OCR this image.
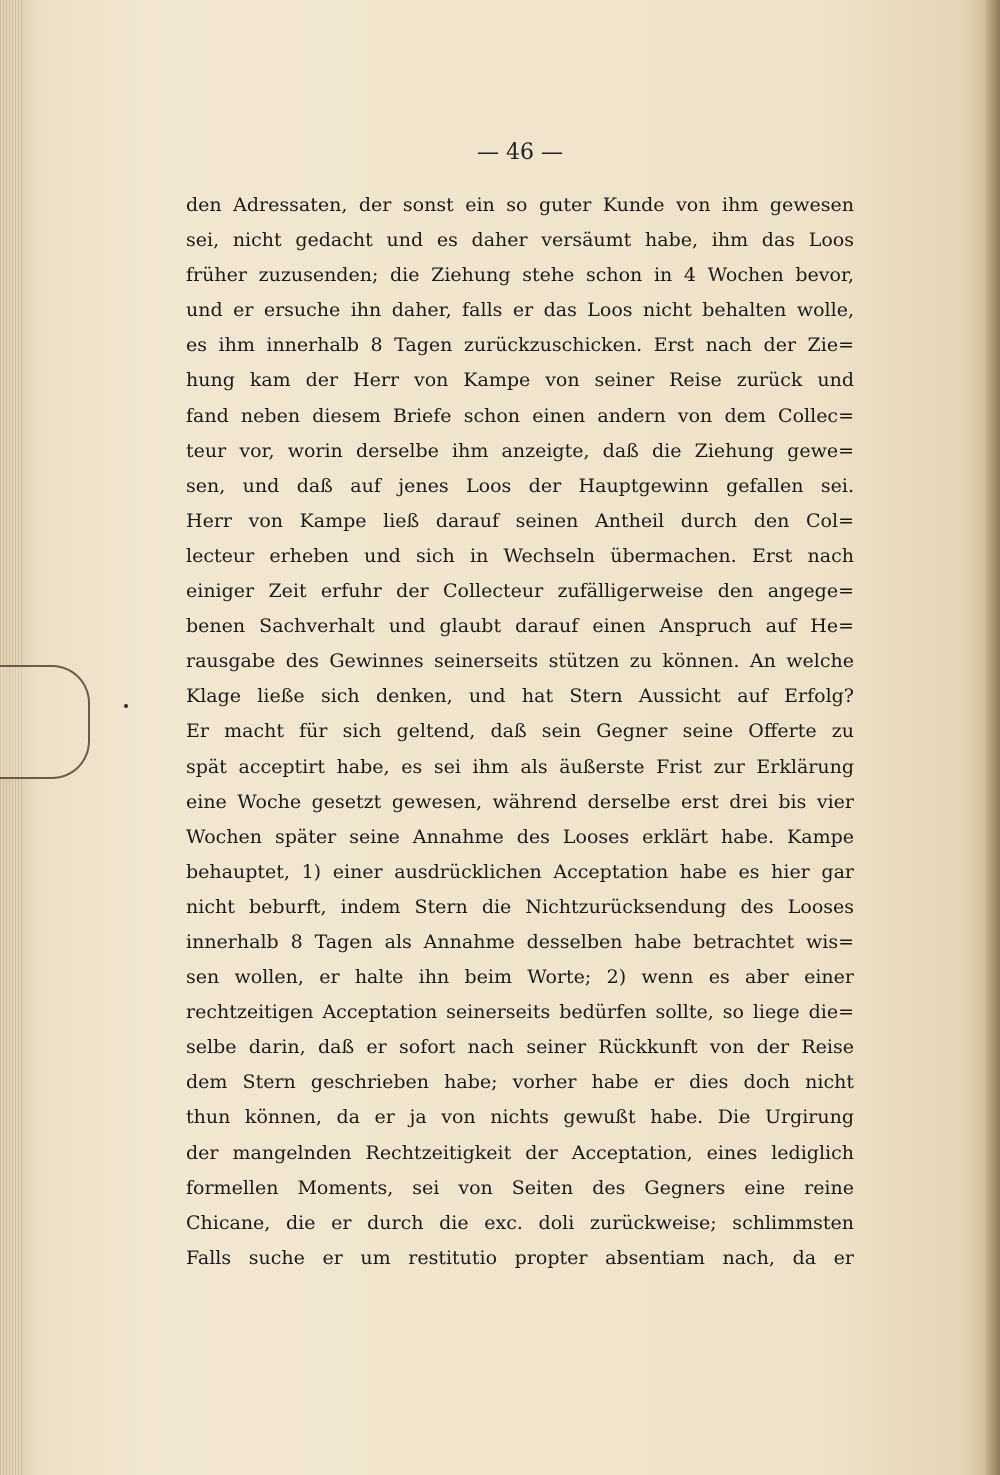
— 46 —
den Adressaten, der sonst ein so guter Kunde von ihm gewesen
sei, nicht gedacht und es daher versäumt habe, ihm das Loos
früher zuzusenden; die Ziehung stehe schon in 4 Wochen bevor,
und er ersuche ihn daher, falls er das Loos nicht behalten wolle,
es ihm innerhalb 8 Tagen zurückzuschicken. Erst nach der Zie=
hung kam der Herr von Kampe von seiner Reise zurück und
fand neben diesem Briefe schon einen andern von dem Collec=
teur vor, worin derselbe ihm anzeigte, daß die Ziehung gewe=
sen, und daß auf jenes Loos der Hauptgewinn gefallen sei.
Herr von Kampe ließ darauf seinen Antheil durch den Col=
lecteur erheben und sich in Wechseln übermachen. Erst nach
einiger Zeit erfuhr der Collecteur zufälligerweise den angege=
benen Sachverhalt und glaubt darauf einen Anspruch auf He=
rausgabe des Gewinnes seinerseits stützen zu können. An welche
Klage ließe sich denken, und hat Stern Aussicht auf Erfolg?
Er macht für sich geltend, daß sein Gegner seine Offerte zu
spät acceptirt habe, es sei ihm als äußerste Frist zur Erklärung
eine Woche gesetzt gewesen, während derselbe erst drei bis vier
Wochen später seine Annahme des Looses erklärt habe. Kampe
behauptet, 1) einer ausdrücklichen Acceptation habe es hier gar
nicht beburft, indem Stern die Nichtzurücksendung des Looses
innerhalb 8 Tagen als Annahme desselben habe betrachtet wis=
sen wollen, er halte ihn beim Worte; 2) wenn es aber einer
rechtzeitigen Acceptation seinerseits bedürfen sollte, so liege die=
selbe darin, daß er sofort nach seiner Rückkunft von der Reise
dem Stern geschrieben habe; vorher habe er dies doch nicht
thun können, da er ja von nichts gewußt habe. Die Urgirung
der mangelnden Rechtzeitigkeit der Acceptation, eines lediglich
formellen Moments, sei von Seiten des Gegners eine reine
Chicane, die er durch die exc. doli zurückweise; schlimmsten
Falls suche er um restitutio propter absentiam nach, da er
